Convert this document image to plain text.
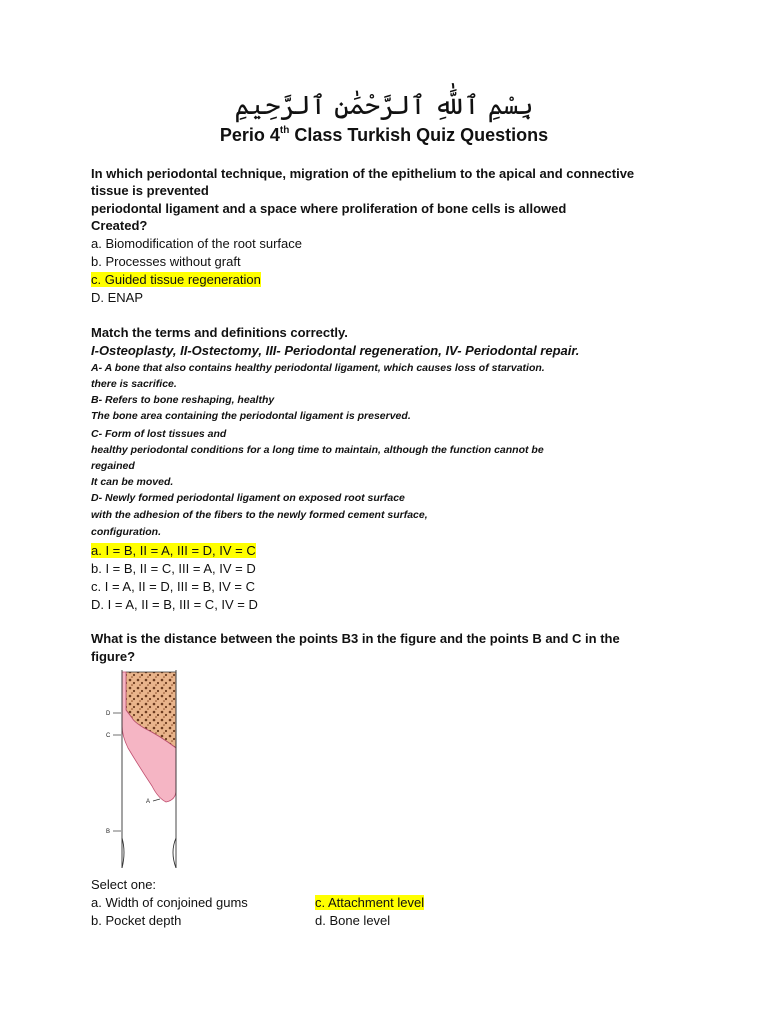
بِسْمِ ٱللَّٰهِ ٱلرَّحْمَٰنِ ٱلرَّحِيمِ
Perio 4th Class Turkish Quiz Questions
In which periodontal technique, migration of the epithelium to the apical and connective
tissue is prevented
periodontal ligament and a space where proliferation of bone cells is allowed
Created?
a. Biomodification of the root surface
b. Processes without graft
c. Guided tissue regeneration
D. ENAP
Match the terms and definitions correctly.
I-Osteoplasty, II-Ostectomy, III- Periodontal regeneration, IV- Periodontal repair.
A- A bone that also contains healthy periodontal ligament, which causes loss of starvation.
there is sacrifice.
B- Refers to bone reshaping, healthy
The bone area containing the periodontal ligament is preserved.
C- Form of lost tissues and
healthy periodontal conditions for a long time to maintain, although the function cannot be
regained
It can be moved.
D- Newly formed periodontal ligament on exposed root surface
with the adhesion of the fibers to the newly formed cement surface,
configuration.
a. I = B, II = A, III = D, IV = C
b. I = B, II = C, III = A, IV = D
c. I = A, II = D, III = B, IV = C
D. I = A, II = B, III = C, IV = D
What is the distance between the points B3 in the figure and the points B and C in the
figure?
D
C
A
B
Select one:
a. Width of conjoined gums
b. Pocket depth
c. Attachment level
d. Bone level
